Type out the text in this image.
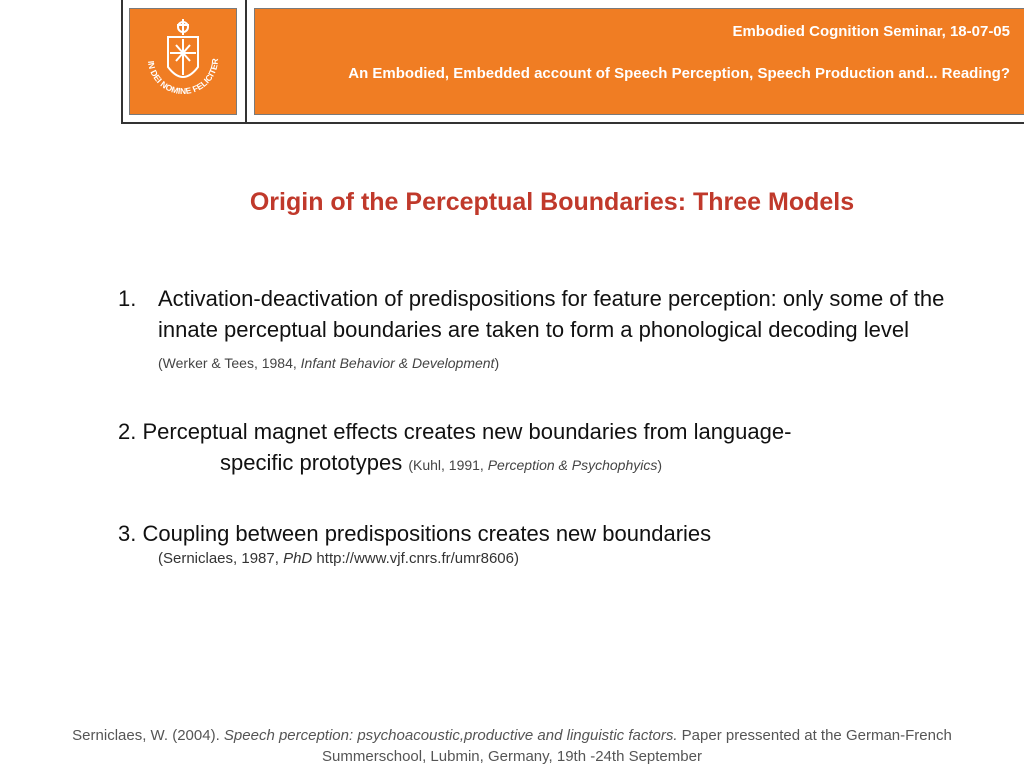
IN DEI NOMINE FELICITER
Embodied Cognition Seminar, 18-07-05
An Embodied, Embedded account of Speech Perception, Speech Production and... Reading?
Origin of the Perceptual Boundaries: Three Models
1. Activation-deactivation of predispositions for feature perception: only some of the innate perceptual boundaries are taken to form a phonological decoding level (Werker & Tees, 1984, Infant Behavior & Development)
2. Perceptual magnet effects creates new boundaries from language-
specific prototypes (Kuhl, 1991, Perception & Psychophyics)
3. Coupling between predispositions creates new boundaries
(Serniclaes, 1987, PhD http://www.vjf.cnrs.fr/umr8606)
Serniclaes, W. (2004). Speech perception: psychoacoustic,productive and linguistic factors. Paper pressented at the German-French
Summerschool, Lubmin, Germany, 19th -24th September
